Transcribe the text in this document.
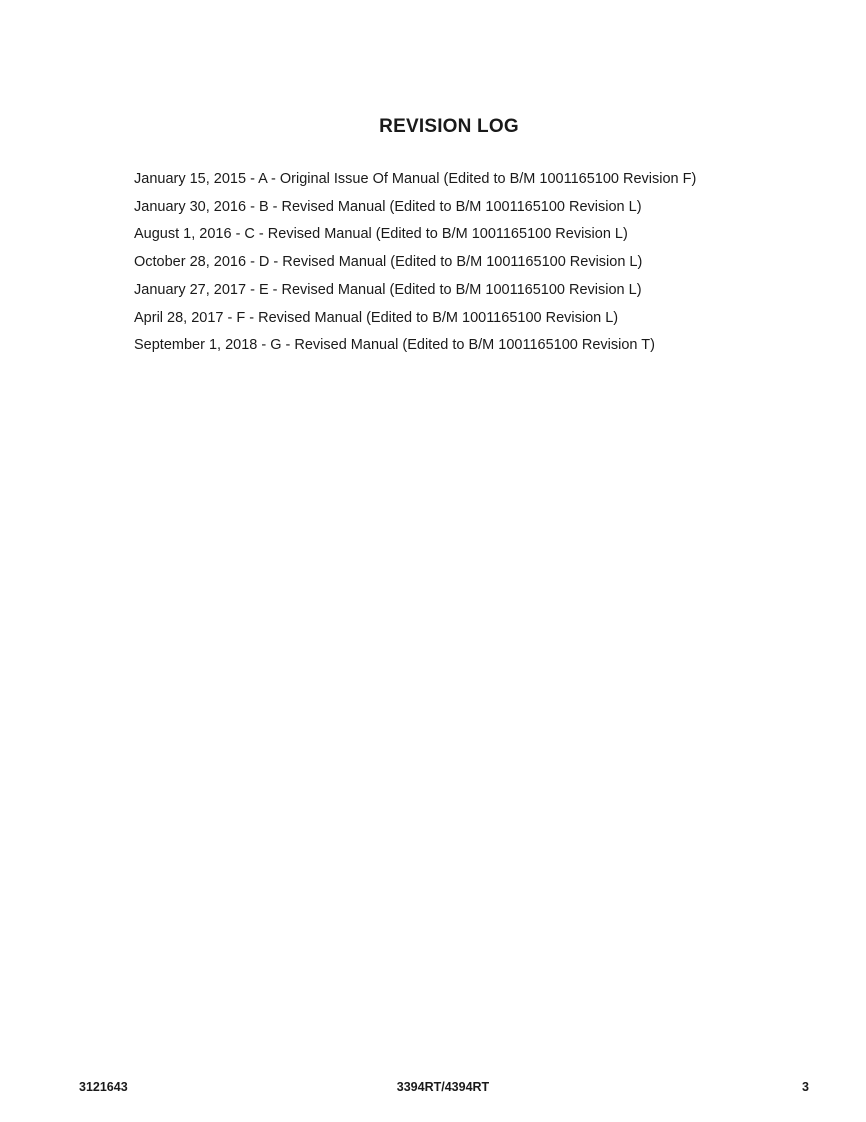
REVISION LOG
January 15, 2015 - A - Original Issue Of Manual (Edited to B/M 1001165100 Revision F)
January 30, 2016 - B - Revised Manual (Edited to B/M 1001165100 Revision L)
August 1, 2016 - C - Revised Manual (Edited to B/M 1001165100 Revision L)
October 28, 2016 - D - Revised Manual (Edited to B/M 1001165100 Revision L)
January 27, 2017 - E - Revised Manual (Edited to B/M 1001165100 Revision L)
April 28, 2017 - F - Revised Manual (Edited to B/M 1001165100 Revision L)
September 1, 2018 - G - Revised Manual (Edited to B/M 1001165100 Revision T)
3121643	3394RT/4394RT	3
